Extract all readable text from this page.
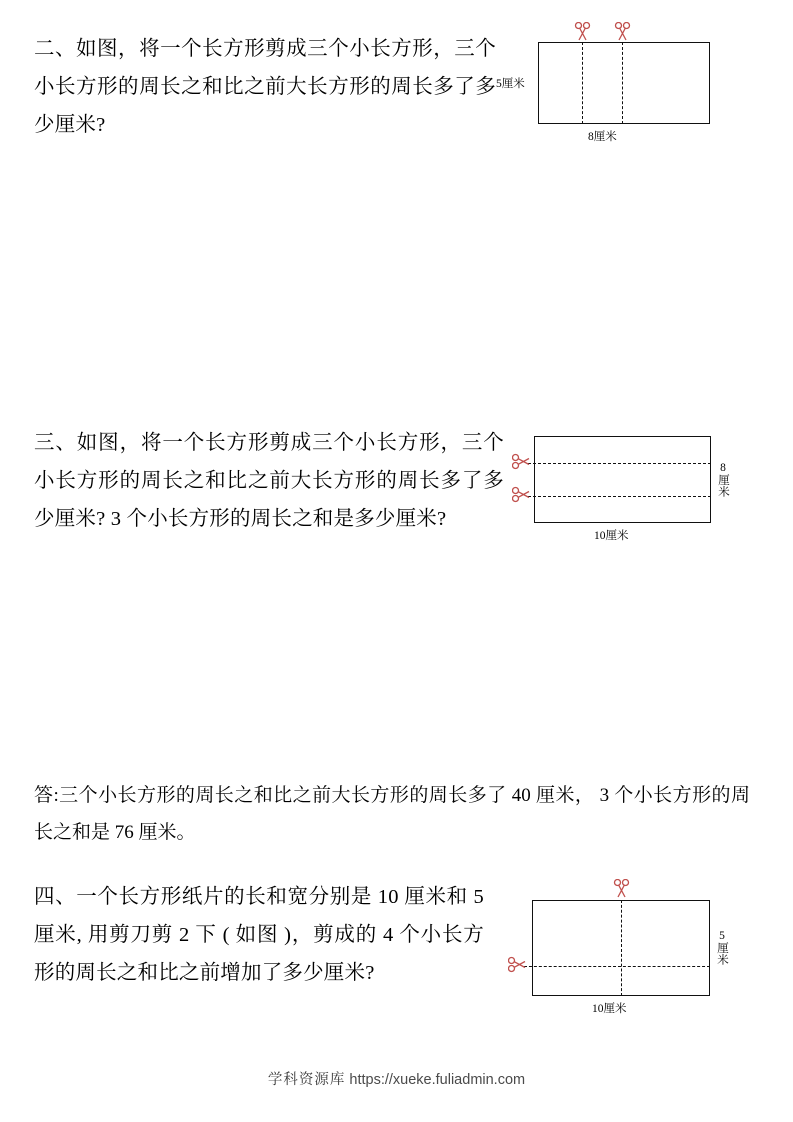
二、如图，将一个长方形剪成三个小长方形，三个小长方形的周长之和比之前大长方形的周长多了多少厘米?
5厘米
8厘米
三、如图，将一个长方形剪成三个小长方形，三个小长方形的周长之和比之前大长方形的周长多了多少厘米? 3 个小长方形的周长之和是多少厘米?
8厘米
10厘米
答:三个小长方形的周长之和比之前大长方形的周长多了 40 厘米， 3 个小长方形的周长之和是 76 厘米。
四、一个长方形纸片的长和宽分别是 10 厘米和 5 厘米, 用剪刀剪 2 下 ( 如图 )，剪成的 4 个小长方形的周长之和比之前增加了多少厘米?
5厘米
10厘米
学科资源库 https://xueke.fuliadmin.com
